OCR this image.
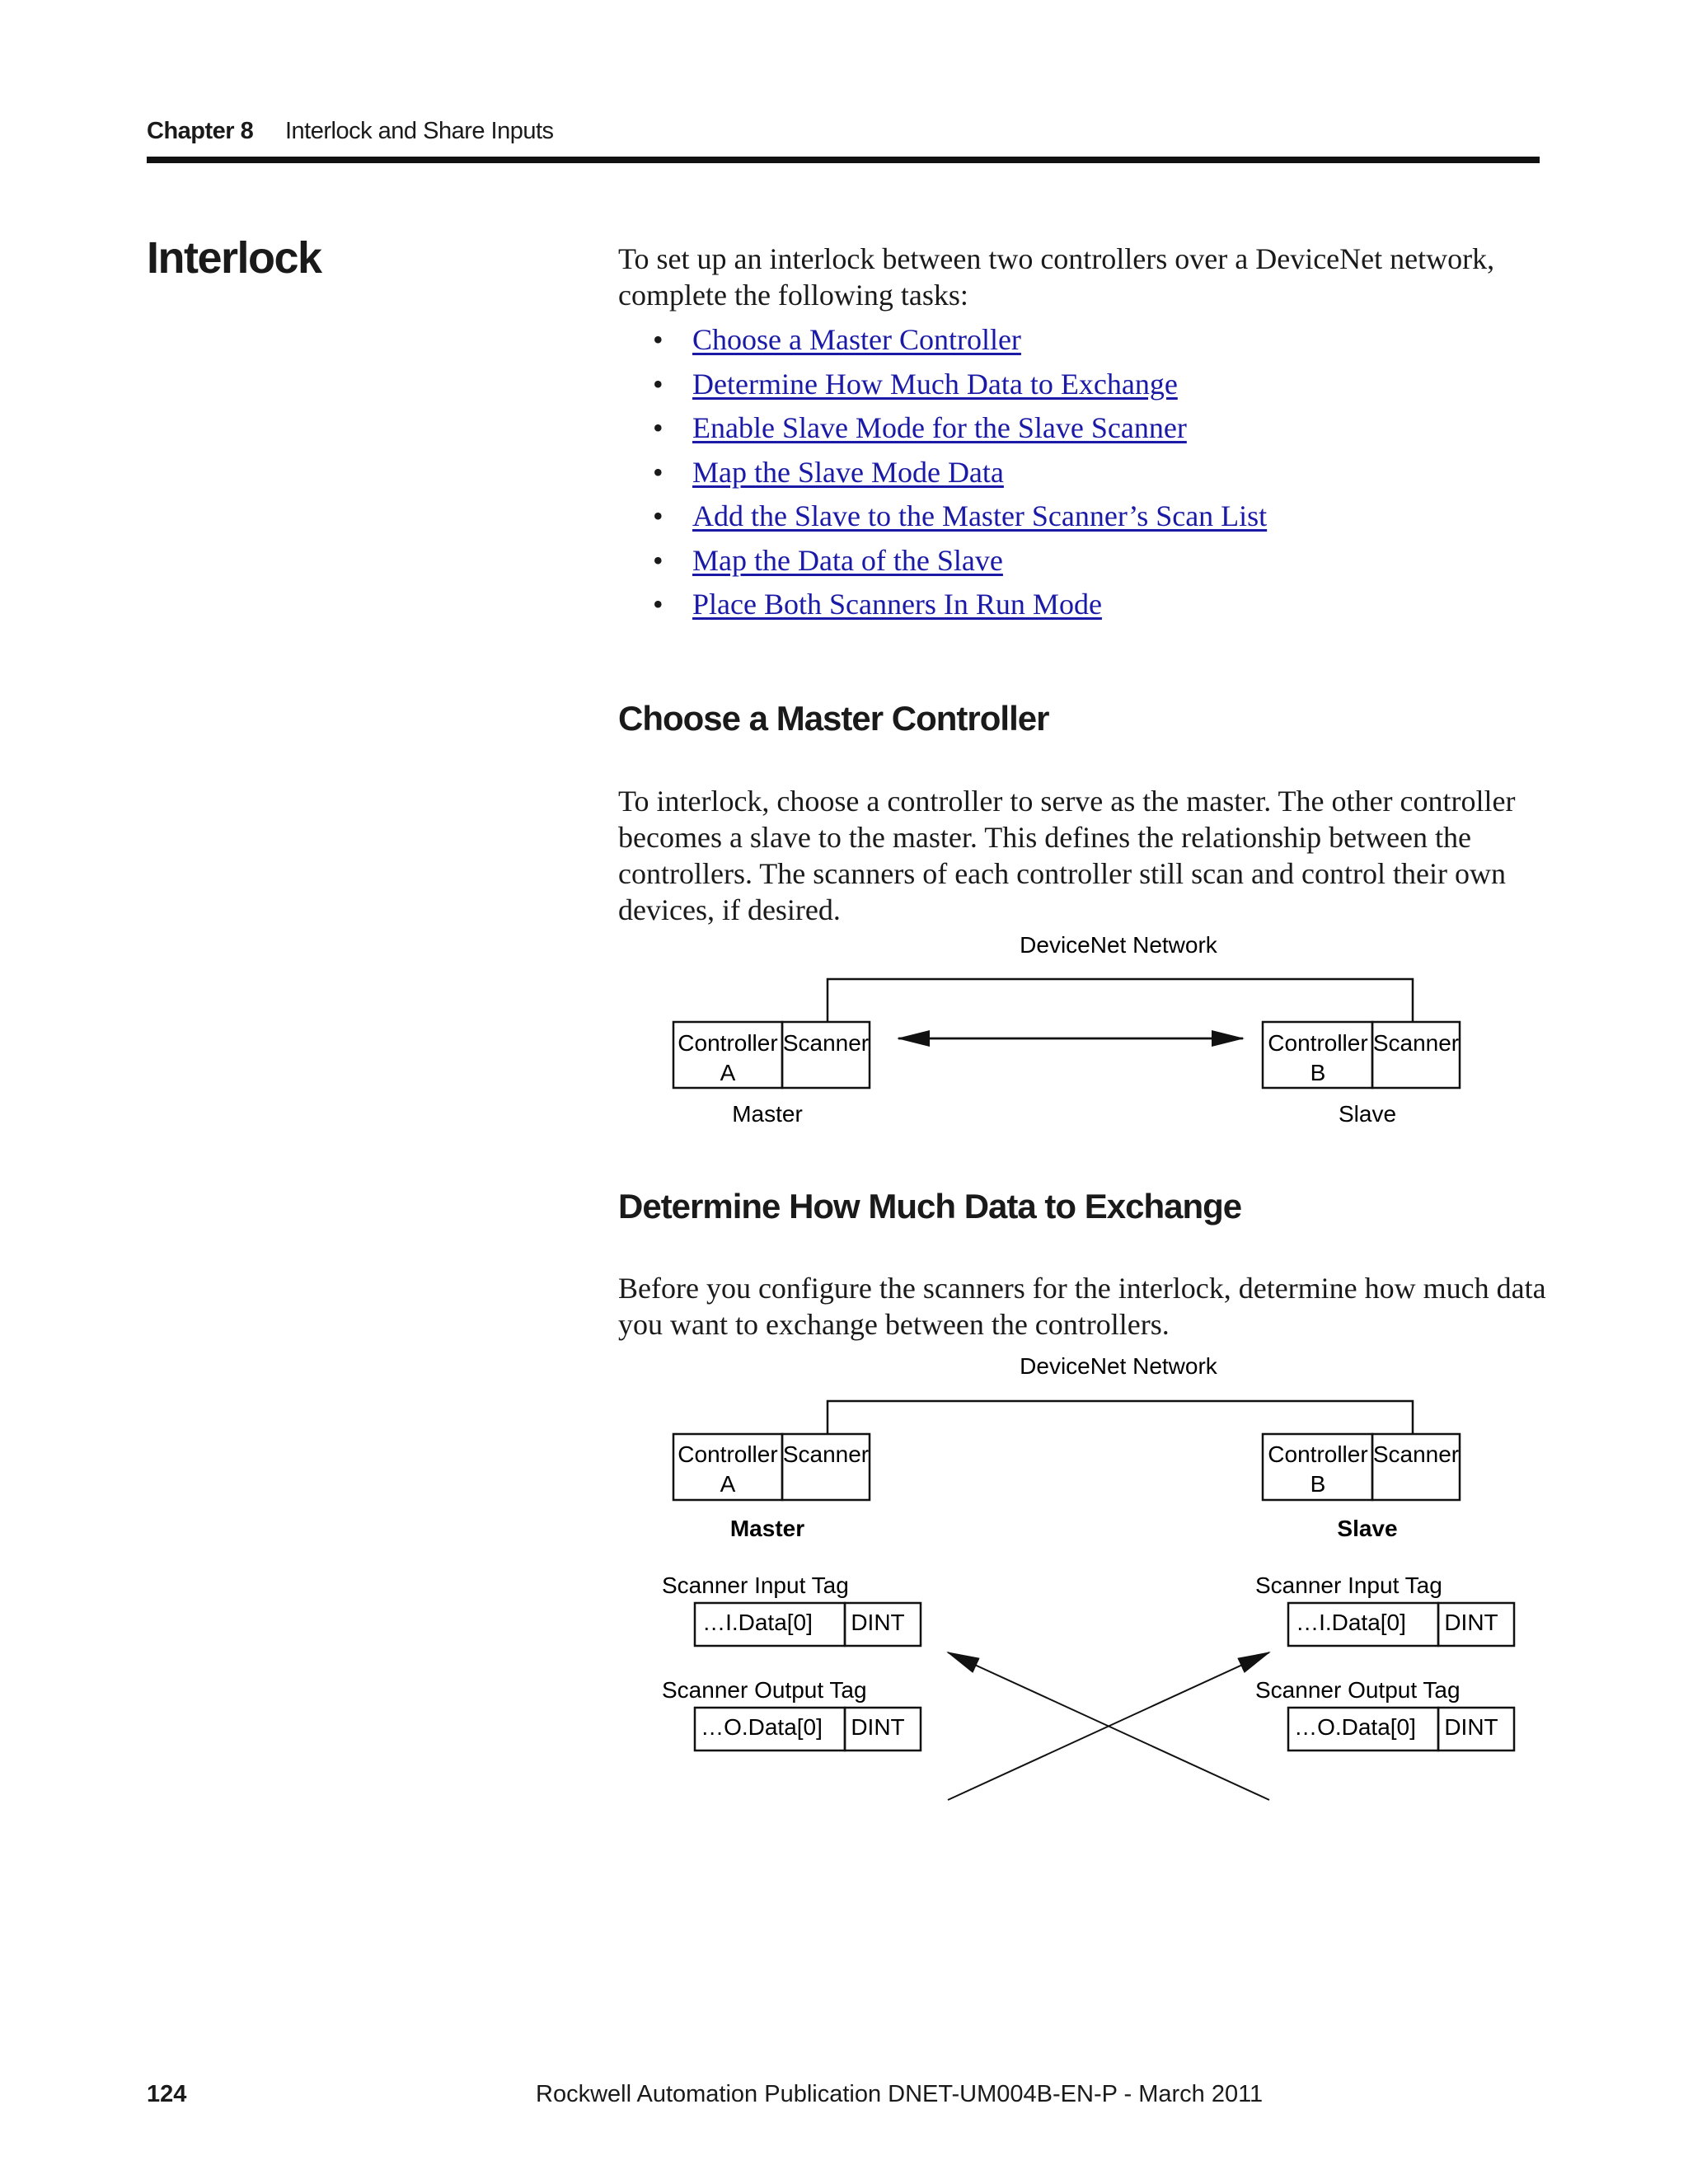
Chapter 8 Interlock and Share Inputs
Interlock	To set up an interlock between two controllers over a DeviceNet network, complete the following tasks:
• Choose a Master Controller
• Determine How Much Data to Exchange
• Enable Slave Mode for the Slave Scanner
• Map the Slave Mode Data
• Add the Slave to the Master Scanner’s Scan List
• Map the Data of the Slave
• Place Both Scanners In Run Mode
Choose a Master Controller
To interlock, choose a controller to serve as the master. The other controller becomes a slave to the master. This defines the relationship between the controllers. The scanners of each controller still scan and control their own devices, if desired.
DeviceNet Network
Controller
A
Scanner
Master
Controller
B
Scanner
Slave
DeviceNet Network
Controller
A
Scanner
Master
Controller
B
Scanner
Slave
Scanner Input Tag
…I.Data[0] DINT
Scanner Output Tag
…O.Data[0] DINT
Scanner Input Tag
…I.Data[0] DINT
Scanner Output Tag
…O.Data[0] DINT
Determine How Much Data to Exchange
Before you configure the scanners for the interlock, determine how much data you want to exchange between the controllers.
124	Rockwell Automation Publication DNET-UM004B-EN-P - March 2011
